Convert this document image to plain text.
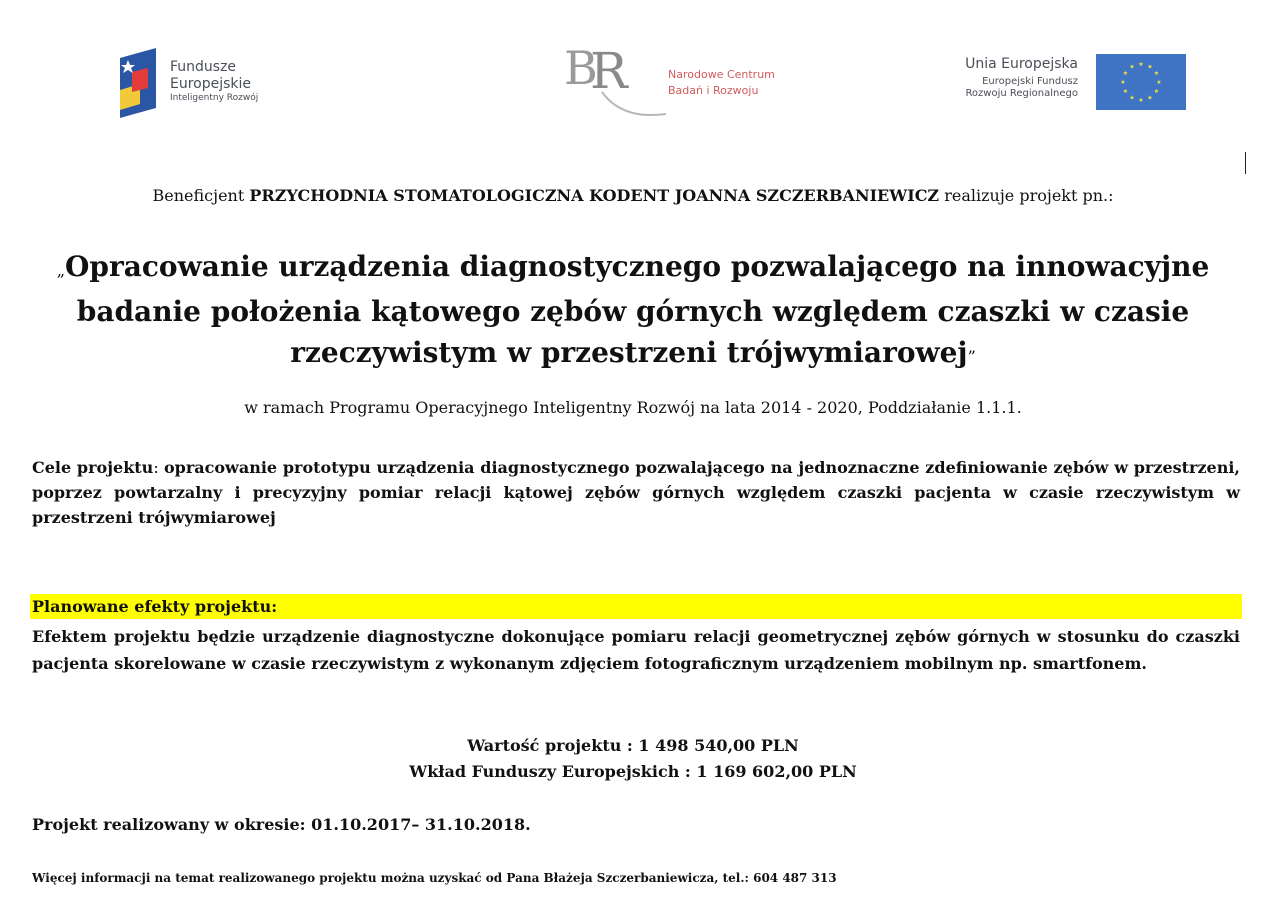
Fundusze
Europejskie
Inteligentny Rozwój
B
R	Narodowe Centrum
Badań i Rozwoju
Unia Europejska
Europejski Fundusz
Rozwoju Regionalnego
★ ★
★
★
★
★
★
★
★
★
★
★
Beneficjent PRZYCHODNIA STOMATOLOGICZNA KODENT JOANNA SZCZERBANIEWICZ realizuje projekt pn.:
„Opracowanie urządzenia diagnostycznego pozwalającego na innowacyjne badanie położenia kątowego zębów górnych względem czaszki w czasie rzeczywistym w przestrzeni trójwymiarowej”
w ramach Programu Operacyjnego Inteligentny Rozwój na lata 2014 - 2020, Poddziałanie 1.1.1.
Cele projektu: opracowanie prototypu urządzenia diagnostycznego pozwalającego na jednoznaczne zdefiniowanie zębów w przestrzeni, poprzez powtarzalny i precyzyjny pomiar relacji kątowej zębów górnych względem czaszki pacjenta w czasie rzeczywistym w przestrzeni trójwymiarowej
Planowane efekty projektu:
Efektem projektu będzie urządzenie diagnostyczne dokonujące pomiaru relacji geometrycznej zębów górnych w stosunku do czaszki pacjenta skorelowane w czasie rzeczywistym z wykonanym zdjęciem fotograficznym urządzeniem mobilnym np. smartfonem.
Wartość projektu : 1 498 540,00 PLN
Wkład Funduszy Europejskich : 1 169 602,00 PLN
Projekt realizowany w okresie: 01.10.2017– 31.10.2018.
Więcej informacji na temat realizowanego projektu można uzyskać od Pana Błażeja Szczerbaniewicza, tel.: 604 487 313
